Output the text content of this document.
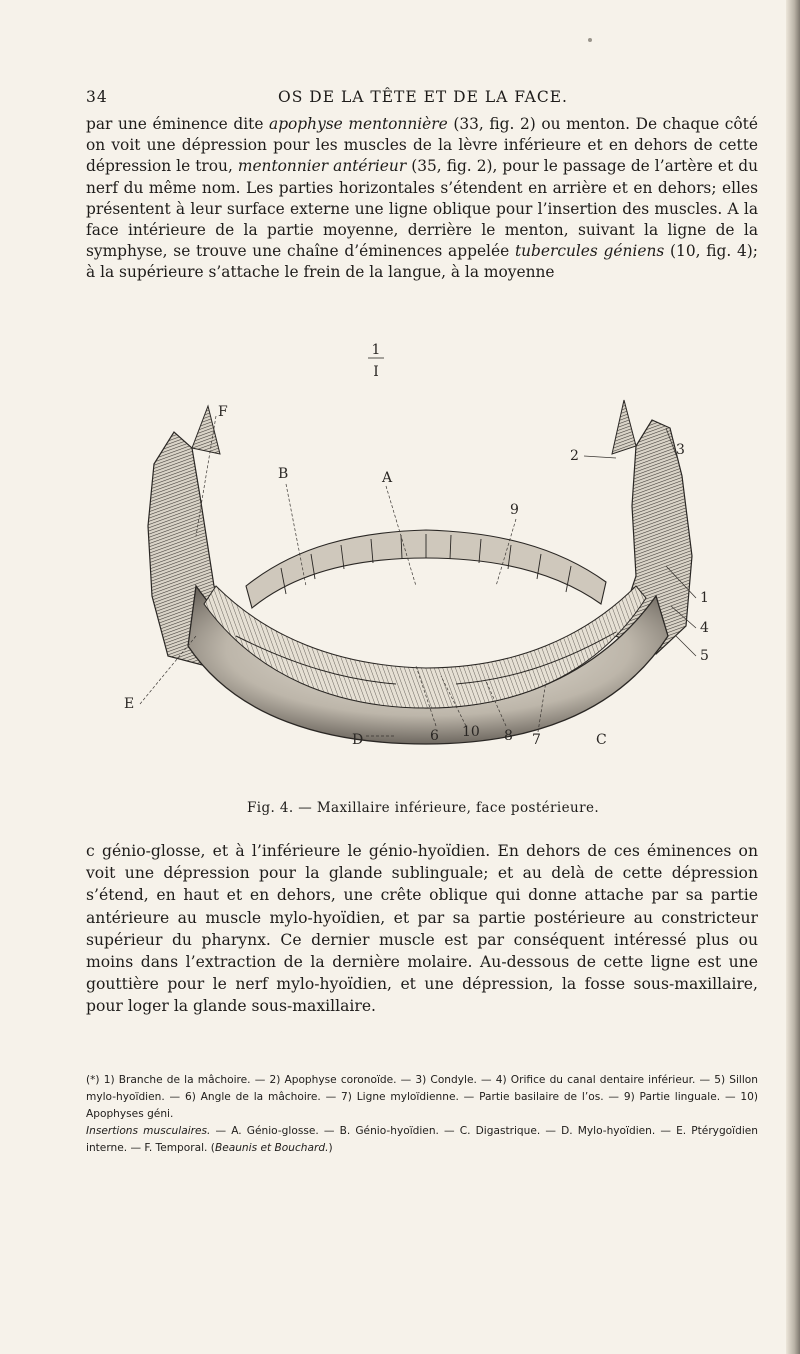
34	OS DE LA TÊTE ET DE LA FACE.
par une éminence dite apophyse mentonnière (33, fig. 2) ou menton. De chaque côté on voit une dépression pour les muscles de la lèvre inférieure et en dehors de cette dépression le trou, mentonnier antérieur (35, fig. 2), pour le passage de l’artère et du nerf du même nom. Les parties horizontales s’étendent en arrière et en dehors; elles présentent à leur surface externe une ligne oblique pour l’insertion des muscles. A la face intérieure de la partie moyenne, derrière le menton, suivant la ligne de la symphyse, se trouve une chaîne d’éminences appelée tubercules géniens (10, fig. 4); à la supérieure s’attache le frein de la langue, à la moyenne
1
I
F
B	A
2	3
9
1
4
5
E
6 10 8 7
D	C
Fig. 4. — Maxillaire inférieure, face postérieure.
c génio-glosse, et à l’inférieure le génio-hyoïdien. En dehors de ces éminences on voit une dépression pour la glande sublinguale; et au delà de cette dépression s’étend, en haut et en dehors, une crête oblique qui donne attache par sa partie antérieure au muscle mylo-hyoïdien, et par sa partie postérieure au constricteur supérieur du pharynx. Ce dernier muscle est par conséquent intéressé plus ou moins dans l’extraction de la dernière molaire. Au-dessous de cette ligne est une gouttière pour le nerf mylo-hyoïdien, et une dépression, la fosse sous-maxillaire, pour loger la glande sous-maxillaire.
(*) 1) Branche de la mâchoire. — 2) Apophyse coronoïde. — 3) Condyle. — 4) Orifice du canal dentaire inférieur. — 5) Sillon mylo-hyoïdien. — 6) Angle de la mâchoire. — 7) Ligne myloïdienne. — Partie basilaire de l’os. — 9) Partie linguale. — 10) Apophyses géni.
Insertions musculaires. — A. Génio-glosse. — B. Génio-hyoïdien. — C. Digastrique. — D. Mylo-hyoïdien. — E. Ptérygoïdien interne. — F. Temporal. (Beaunis et Bouchard.)
